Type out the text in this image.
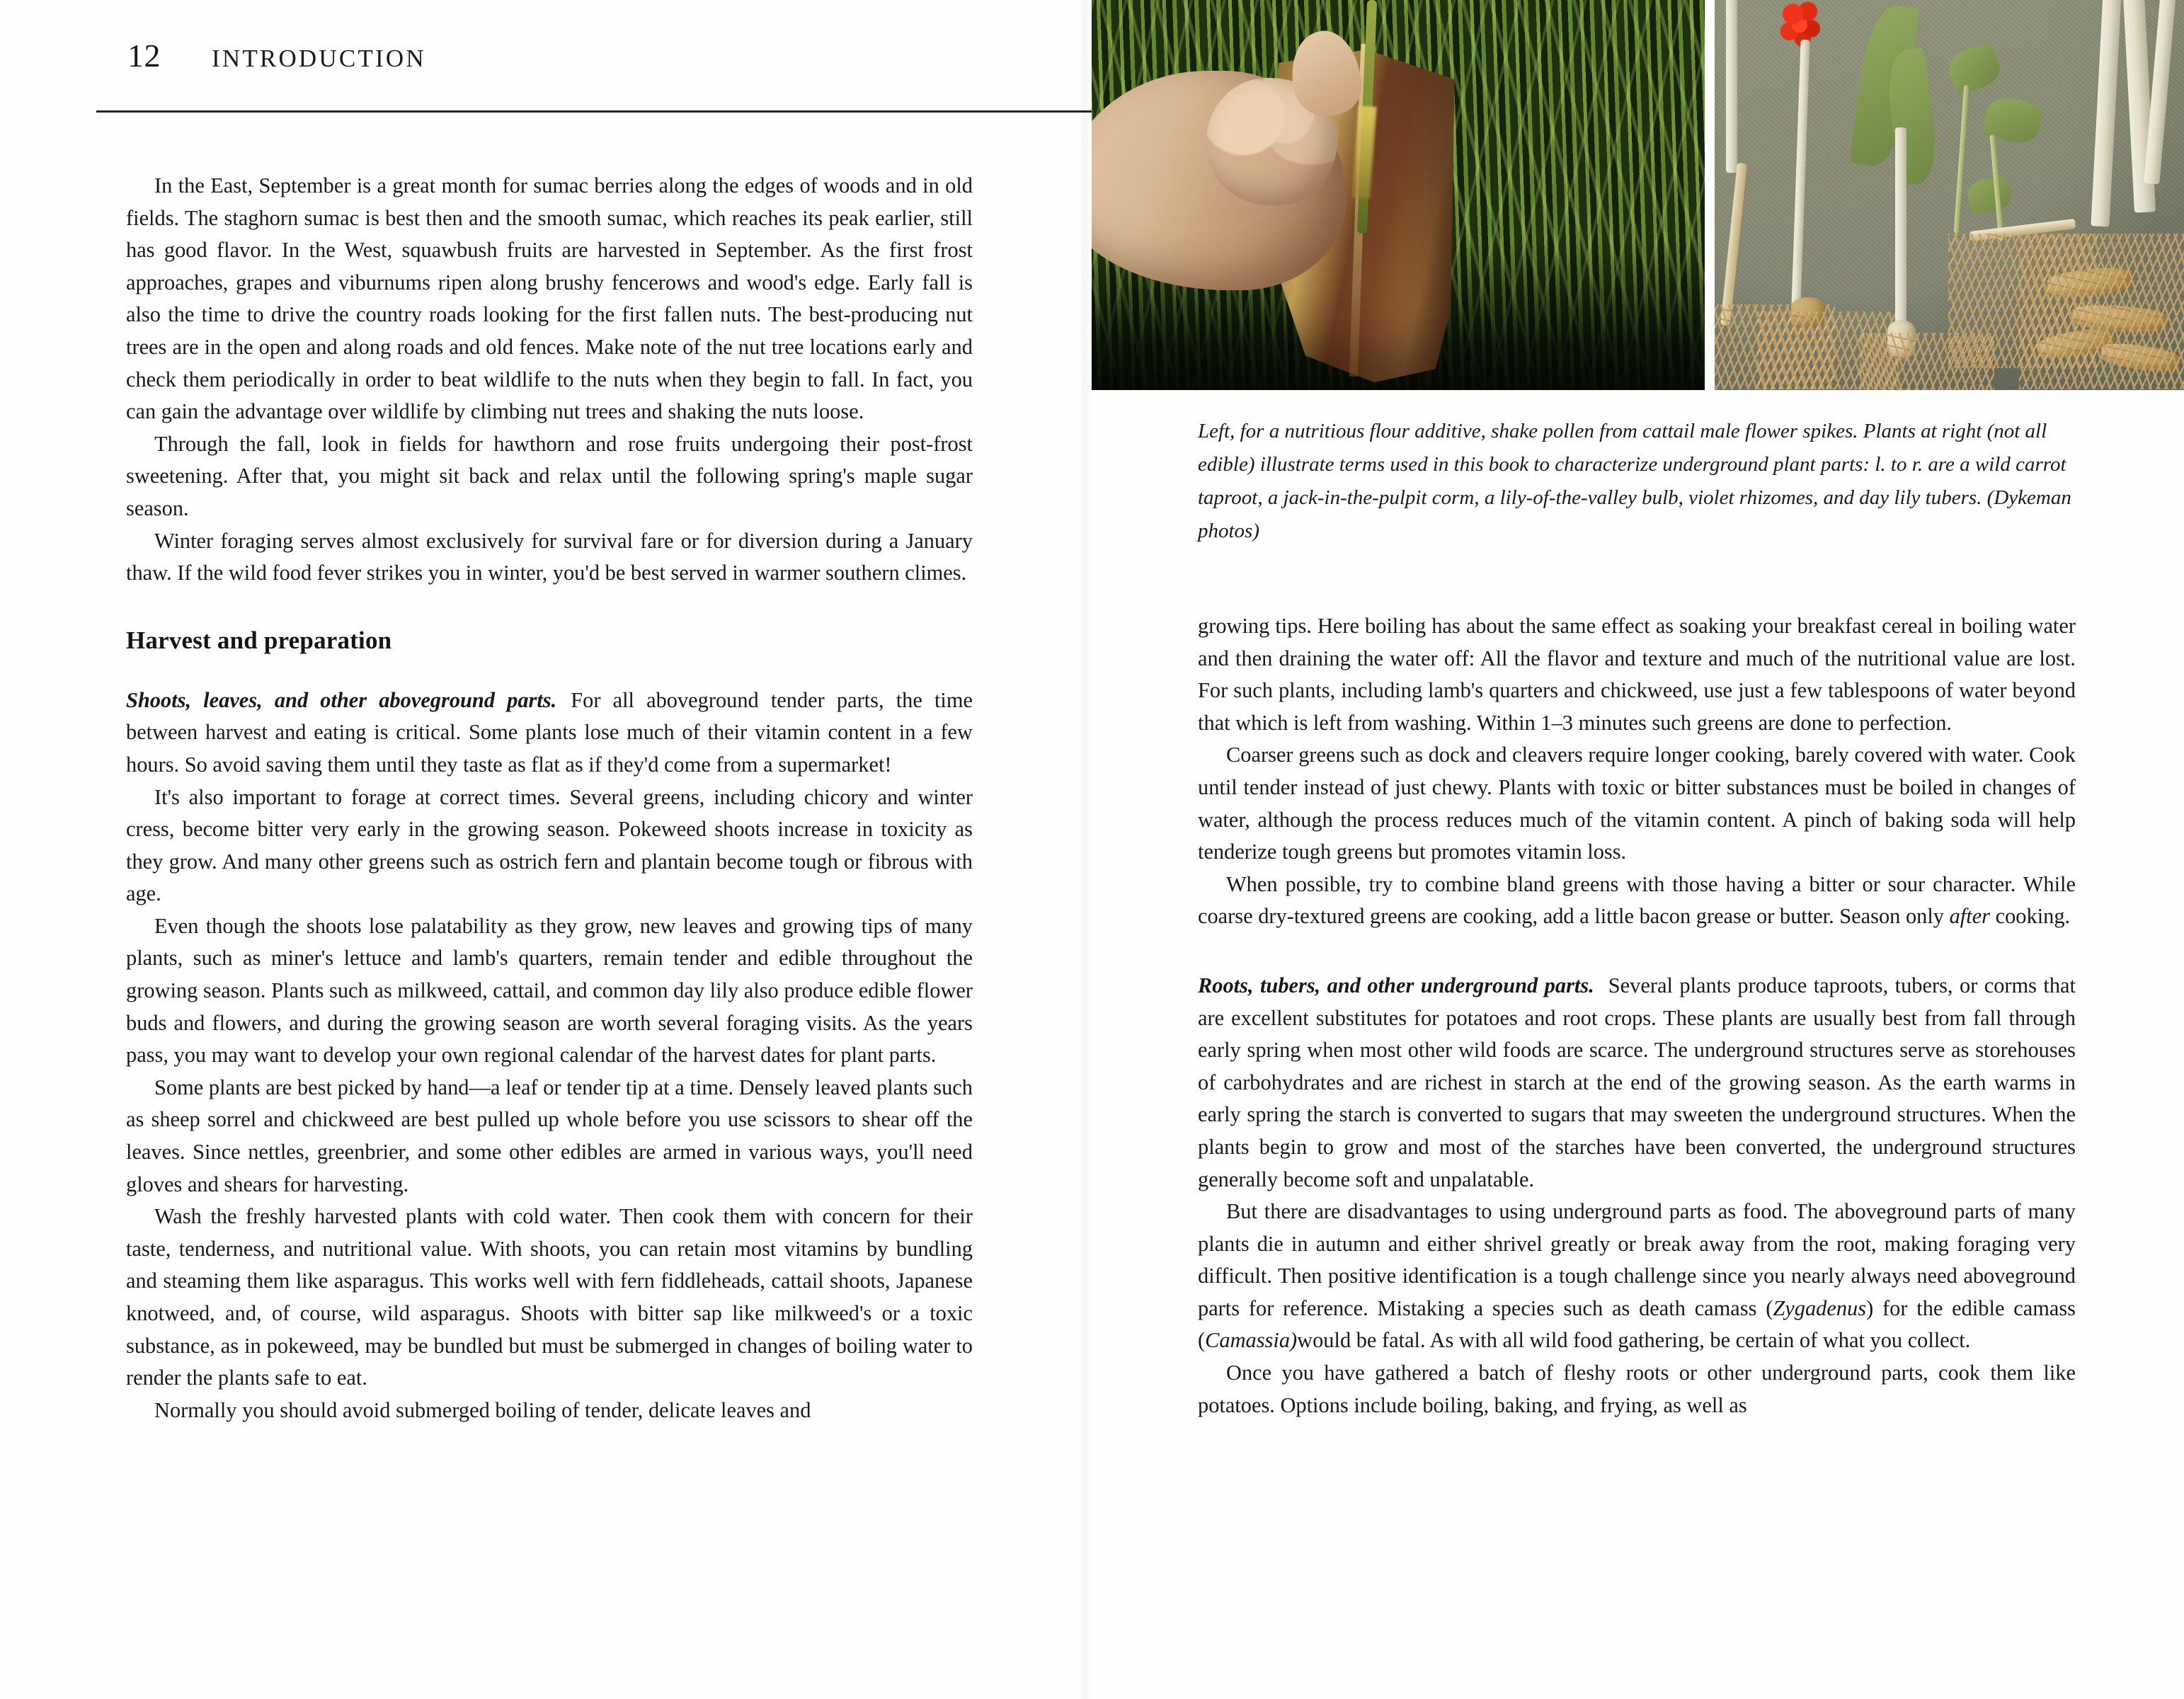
12 INTRODUCTION
Left, for a nutritious flour additive, shake pollen from cattail male flower spikes. Plants at right (not all edible) illustrate terms used in this book to characterize underground plant parts: l. to r. are a wild carrot taproot, a jack-in-the-pulpit corm, a lily-of-the-valley bulb, violet rhizomes, and day lily tubers. (Dykeman photos)

In the East, September is a great month for sumac berries along the edges of woods and in old fields. The staghorn sumac is best then and the smooth sumac, which reaches its peak earlier, still has good flavor. In the West, squawbush fruits are harvested in September. As the first frost approaches, grapes and viburnums ripen along brushy fencerows and wood's edge. Early fall is also the time to drive the country roads looking for the first fallen nuts. The best-producing nut trees are in the open and along roads and old fences. Make note of the nut tree locations early and check them periodically in order to beat wildlife to the nuts when they begin to fall. In fact, you can gain the advantage over wildlife by climbing nut trees and shaking the nuts loose.

Through the fall, look in fields for hawthorn and rose fruits undergoing their post-frost sweetening. After that, you might sit back and relax until the following spring's maple sugar season.

Winter foraging serves almost exclusively for survival fare or for diversion during a January thaw. If the wild food fever strikes you in winter, you'd be best served in warmer southern climes.

Harvest and preparation

Shoots, leaves, and other aboveground parts. For all aboveground tender parts, the time between harvest and eating is critical. Some plants lose much of their vitamin content in a few hours. So avoid saving them until they taste as flat as if they'd come from a supermarket!

It's also important to forage at correct times. Several greens, including chicory and winter cress, become bitter very early in the growing season. Pokeweed shoots increase in toxicity as they grow. And many other greens such as ostrich fern and plantain become tough or fibrous with age.

Even though the shoots lose palatability as they grow, new leaves and growing tips of many plants, such as miner's lettuce and lamb's quarters, remain tender and edible throughout the growing season. Plants such as milkweed, cattail, and common day lily also produce edible flower buds and flowers, and during the growing season are worth several foraging visits. As the years pass, you may want to develop your own regional calendar of the harvest dates for plant parts.

Some plants are best picked by hand—a leaf or tender tip at a time. Densely leaved plants such as sheep sorrel and chickweed are best pulled up whole before you use scissors to shear off the leaves. Since nettles, greenbrier, and some other edibles are armed in various ways, you'll need gloves and shears for harvesting.

Wash the freshly harvested plants with cold water. Then cook them with concern for their taste, tenderness, and nutritional value. With shoots, you can retain most vitamins by bundling and steaming them like asparagus. This works well with fern fiddleheads, cattail shoots, Japanese knotweed, and, of course, wild asparagus. Shoots with bitter sap like milkweed's or a toxic substance, as in pokeweed, may be bundled but must be submerged in changes of boiling water to render the plants safe to eat.

Normally you should avoid submerged boiling of tender, delicate leaves and

growing tips. Here boiling has about the same effect as soaking your breakfast cereal in boiling water and then draining the water off: All the flavor and texture and much of the nutritional value are lost. For such plants, including lamb's quarters and chickweed, use just a few tablespoons of water beyond that which is left from washing. Within 1–3 minutes such greens are done to perfection.

Coarser greens such as dock and cleavers require longer cooking, barely covered with water. Cook until tender instead of just chewy. Plants with toxic or bitter substances must be boiled in changes of water, although the process reduces much of the vitamin content. A pinch of baking soda will help tenderize tough greens but promotes vitamin loss.

When possible, try to combine bland greens with those having a bitter or sour character. While coarse dry-textured greens are cooking, add a little bacon grease or butter. Season only after cooking.

Roots, tubers, and other underground parts. Several plants produce taproots, tubers, or corms that are excellent substitutes for potatoes and root crops. These plants are usually best from fall through early spring when most other wild foods are scarce. The underground structures serve as storehouses of carbohydrates and are richest in starch at the end of the growing season. As the earth warms in early spring the starch is converted to sugars that may sweeten the underground structures. When the plants begin to grow and most of the starches have been converted, the underground structures generally become soft and unpalatable.

But there are disadvantages to using underground parts as food. The aboveground parts of many plants die in autumn and either shrivel greatly or break away from the root, making foraging very difficult. Then positive identification is a tough challenge since you nearly always need aboveground parts for reference. Mistaking a species such as death camass (Zygadenus) for the edible camass (Camassia)would be fatal. As with all wild food gathering, be certain of what you collect.

Once you have gathered a batch of fleshy roots or other underground parts, cook them like potatoes. Options include boiling, baking, and frying, as well as
